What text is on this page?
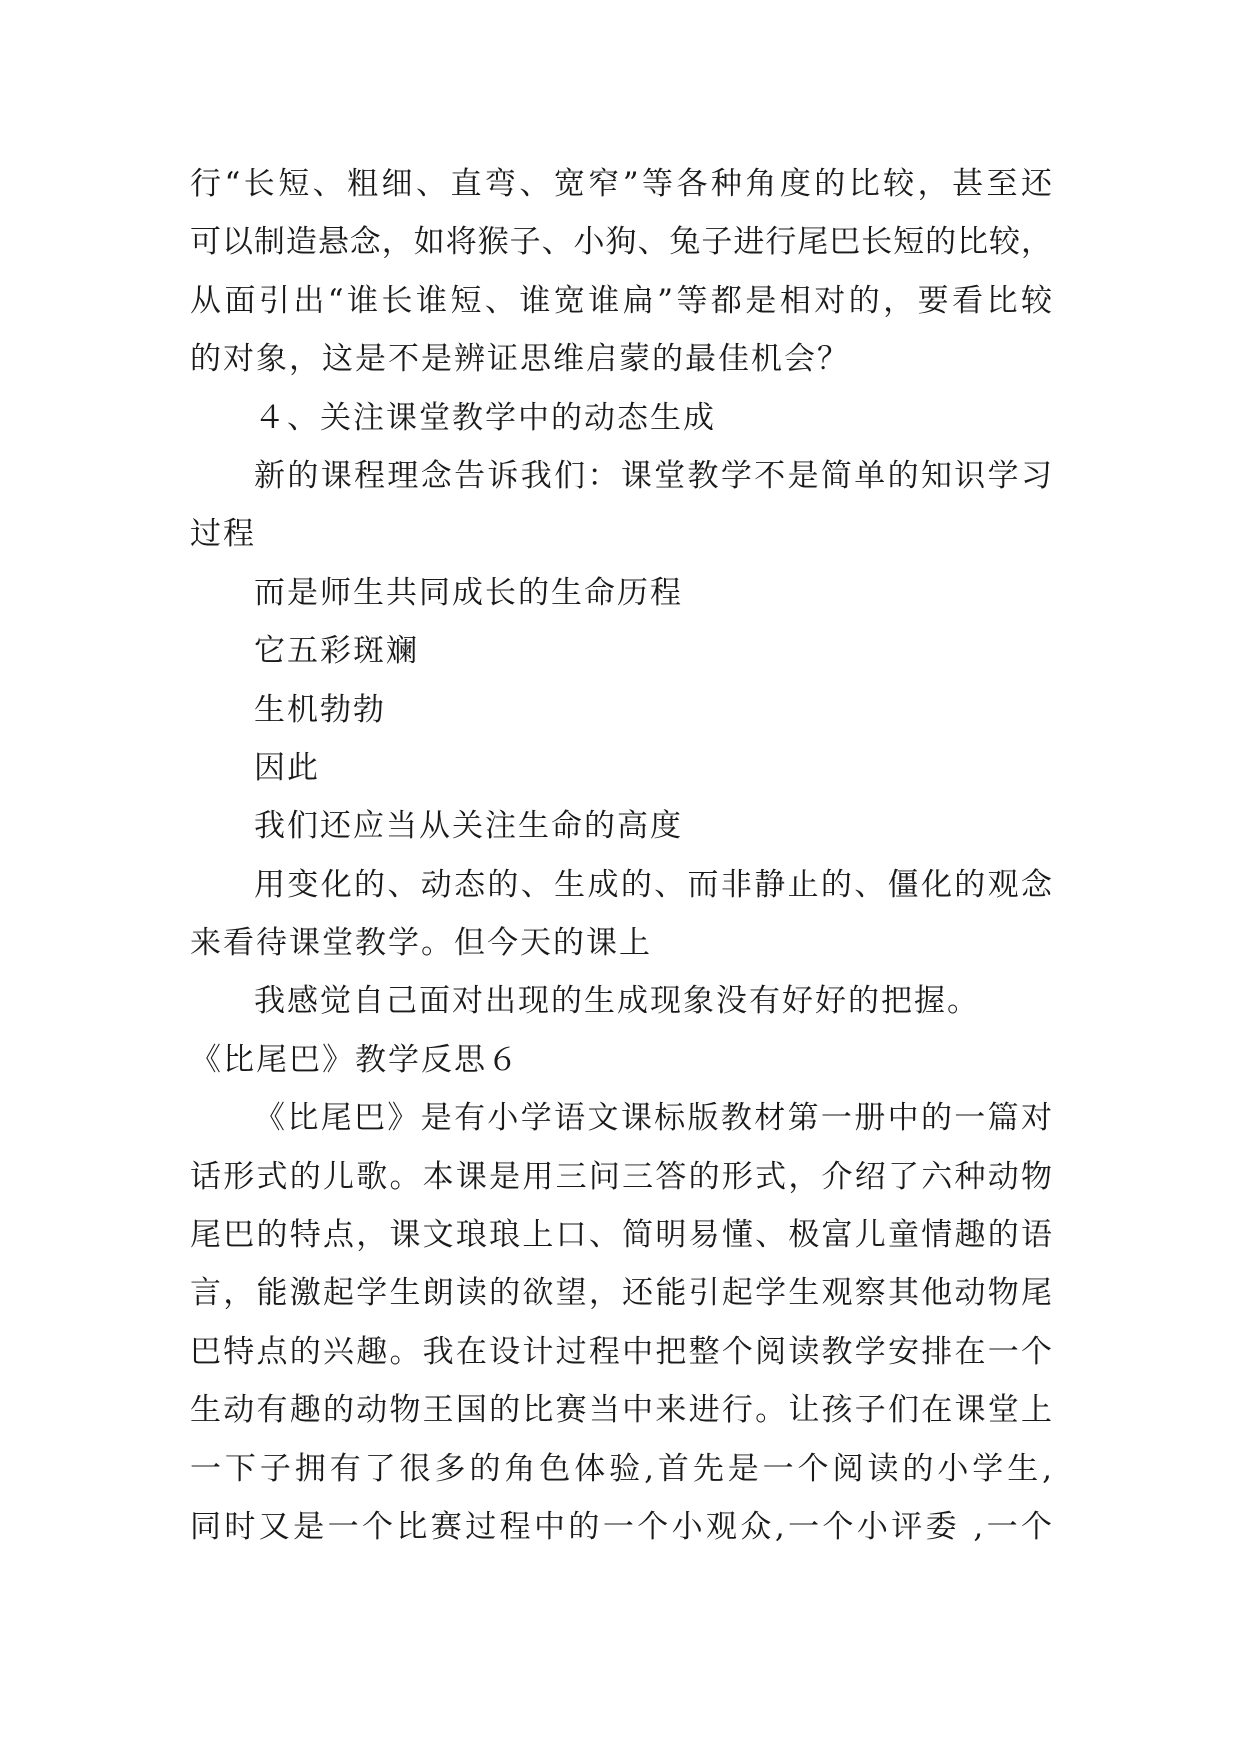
行“长短、粗细、直弯、宽窄”等各种角度的比较，甚至还
可以制造悬念，如将猴子、小狗、兔子进行尾巴长短的比较，
从面引出“谁长谁短、谁宽谁扁”等都是相对的，要看比较
的对象，这是不是辨证思维启蒙的最佳机会？
４、关注课堂教学中的动态生成
新的课程理念告诉我们：课堂教学不是简单的知识学习
过程
而是师生共同成长的生命历程
它五彩斑斓
生机勃勃
因此
我们还应当从关注生命的高度
用变化的、动态的、生成的、而非静止的、僵化的观念
来看待课堂教学。但今天的课上
我感觉自己面对出现的生成现象没有好好的把握。
《比尾巴》教学反思６
《比尾巴》是有小学语文课标版教材第一册中的一篇对
话形式的儿歌。本课是用三问三答的形式，介绍了六种动物
尾巴的特点，课文琅琅上口、简明易懂、极富儿童情趣的语
言，能激起学生朗读的欲望，还能引起学生观察其他动物尾
巴特点的兴趣。我在设计过程中把整个阅读教学安排在一个
生动有趣的动物王国的比赛当中来进行。让孩子们在课堂上
一下子拥有了很多的角色体验,首先是一个阅读的小学生,
同时又是一个比赛过程中的一个小观众,一个小评委 ,一个
